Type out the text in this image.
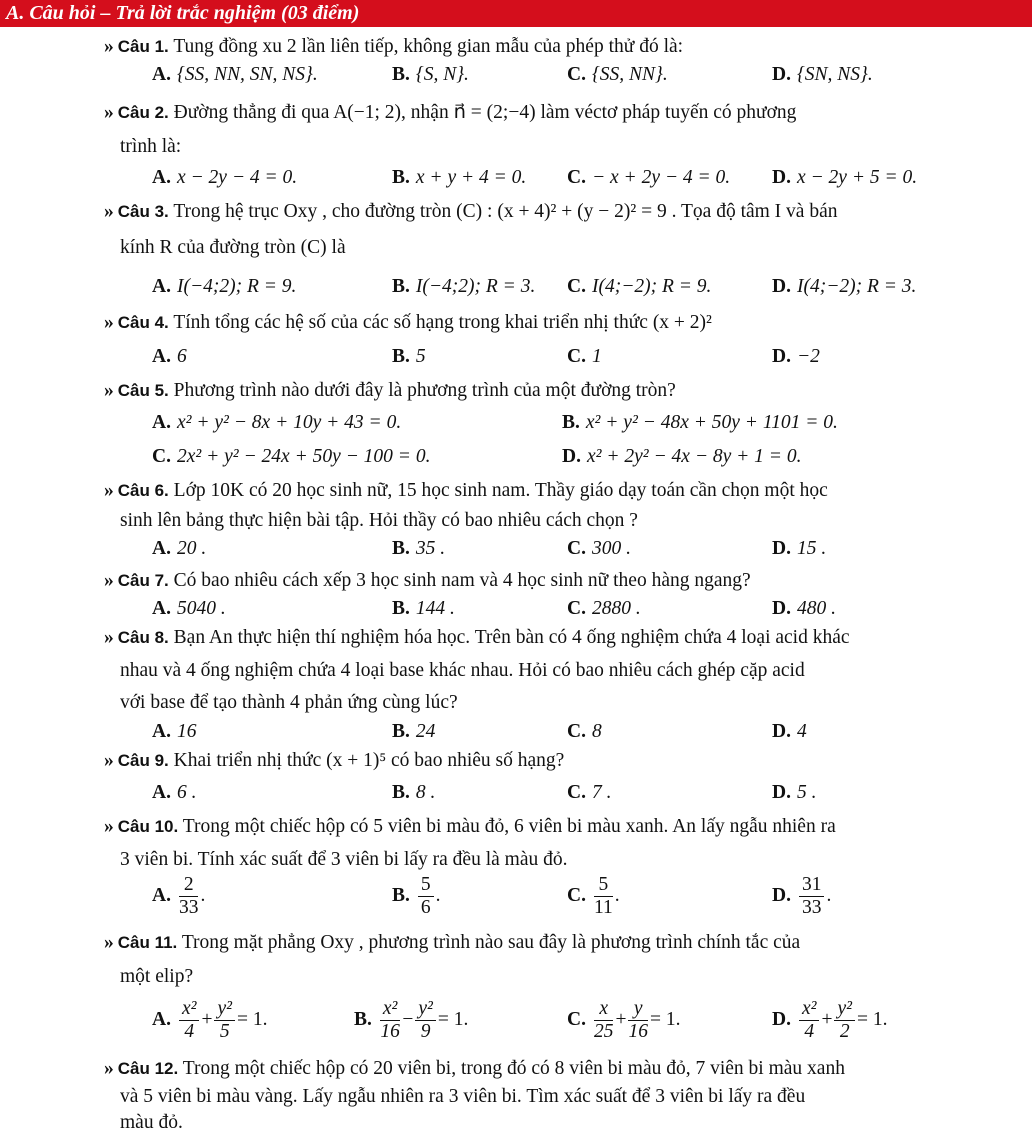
A. Câu hỏi – Trả lời trắc nghiệm (03 điểm)
» Câu 1. Tung đồng xu 2 lần liên tiếp, không gian mẫu của phép thử đó là:
A. {SS, NN, SN, NS}.	B. {S, N}.	C. {SS, NN}.	D. {SN, NS}.
» Câu 2. Đường thẳng đi qua A(−1; 2), nhận n⃗ = (2;−4) làm véctơ pháp tuyến có phương
trình là:
A. x − 2y − 4 = 0.	B. x + y + 4 = 0. C. − x + 2y − 4 = 0. D. x − 2y + 5 = 0.
» Câu 3. Trong hệ trục Oxy , cho đường tròn (C) : (x + 4)² + (y − 2)² = 9 . Tọa độ tâm I và bán
kính R của đường tròn (C) là
A. I(−4;2); R = 9.	B. I(−4;2); R = 3. C. I(4;−2); R = 9.	D. I(4;−2); R = 3.
» Câu 4. Tính tổng các hệ số của các số hạng trong khai triển nhị thức (x + 2)²
A. 6	B. 5	C. 1	D. −2
» Câu 5. Phương trình nào dưới đây là phương trình của một đường tròn?
A. x² + y² − 8x + 10y + 43 = 0.	B. x² + y² − 48x + 50y + 1101 = 0.
C. 2x² + y² − 24x + 50y − 100 = 0.	D. x² + 2y² − 4x − 8y + 1 = 0.
» Câu 6. Lớp 10K có 20 học sinh nữ, 15 học sinh nam. Thầy giáo dạy toán cần chọn một học
sinh lên bảng thực hiện bài tập. Hỏi thầy có bao nhiêu cách chọn ?
A. 20 .	B. 35 .	C. 300 .	D. 15 .
» Câu 7. Có bao nhiêu cách xếp 3 học sinh nam và 4 học sinh nữ theo hàng ngang?
A. 5040 .	B. 144 .	C. 2880 .	D. 480 .
» Câu 8. Bạn An thực hiện thí nghiệm hóa học. Trên bàn có 4 ống nghiệm chứa 4 loại acid khác
nhau và 4 ống nghiệm chứa 4 loại base khác nhau. Hỏi có bao nhiêu cách ghép cặp acid
với base để tạo thành 4 phản ứng cùng lúc?
A. 16	B. 24	C. 8	D. 4
» Câu 9. Khai triển nhị thức (x + 1)⁵ có bao nhiêu số hạng?
A. 6 .	B. 8 .	C. 7 .	D. 5 .
» Câu 10. Trong một chiếc hộp có 5 viên bi màu đỏ, 6 viên bi màu xanh. An lấy ngẫu nhiên ra
3 viên bi. Tính xác suất để 3 viên bi lấy ra đều là màu đỏ.
A. $\frac{2}{33}$ .	B. $\frac{5}{6}$ .	C. $\frac{5}{11}$ .	D. $\frac{31}{33}$ .
» Câu 11. Trong mặt phẳng Oxy , phương trình nào sau đây là phương trình chính tắc của
một elip?
A. $\frac{\text{x²}}{4} + \frac{\text{y²}}{5} = 1$.	B. $\frac{\text{x²}}{16} - \frac{\text{y²}}{9} = 1$.	C. $\frac{x}{25} + \frac{y}{16} = 1$.	D. $\frac{\text{x²}}{4} + \frac{\text{y²}}{2} = 1$.
» Câu 12. Trong một chiếc hộp có 20 viên bi, trong đó có 8 viên bi màu đỏ, 7 viên bi màu xanh
và 5 viên bi màu vàng. Lấy ngẫu nhiên ra 3 viên bi. Tìm xác suất để 3 viên bi lấy ra đều
màu đỏ.
